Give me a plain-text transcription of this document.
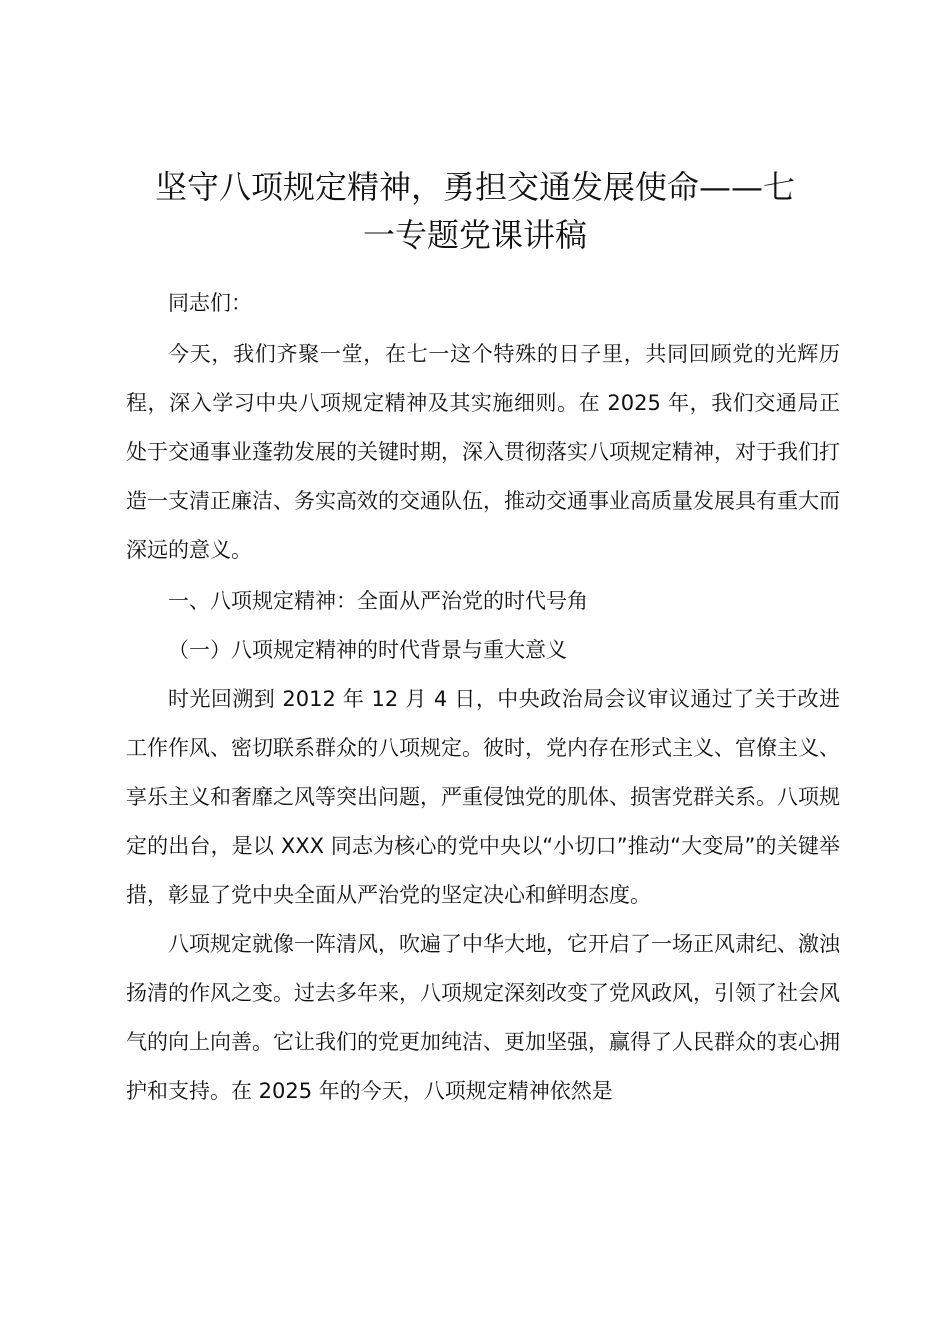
坚守八项规定精神，勇担交通发展使命——七
一专题党课讲稿

同志们：

今天，我们齐聚一堂，在七一这个特殊的日子里，共同回顾党的光辉历程，深入学习中央八项规定精神及其实施细则。在 2025 年，我们交通局正处于交通事业蓬勃发展的关键时期，深入贯彻落实八项规定精神，对于我们打造一支清正廉洁、务实高效的交通队伍，推动交通事业高质量发展具有重大而深远的意义。

一、八项规定精神：全面从严治党的时代号角

（一）八项规定精神的时代背景与重大意义

时光回溯到 2012 年 12 月 4 日，中央政治局会议审议通过了关于改进工作作风、密切联系群众的八项规定。彼时，党内存在形式主义、官僚主义、享乐主义和奢靡之风等突出问题，严重侵蚀党的肌体、损害党群关系。八项规定的出台，是以 XXX 同志为核心的党中央以“小切口”推动“大变局”的关键举措，彰显了党中央全面从严治党的坚定决心和鲜明态度。

八项规定就像一阵清风，吹遍了中华大地，它开启了一场正风肃纪、激浊扬清的作风之变。过去多年来，八项规定深刻改变了党风政风，引领了社会风气的向上向善。它让我们的党更加纯洁、更加坚强，赢得了人民群众的衷心拥护和支持。在 2025 年的今天，八项规定精神依然是
